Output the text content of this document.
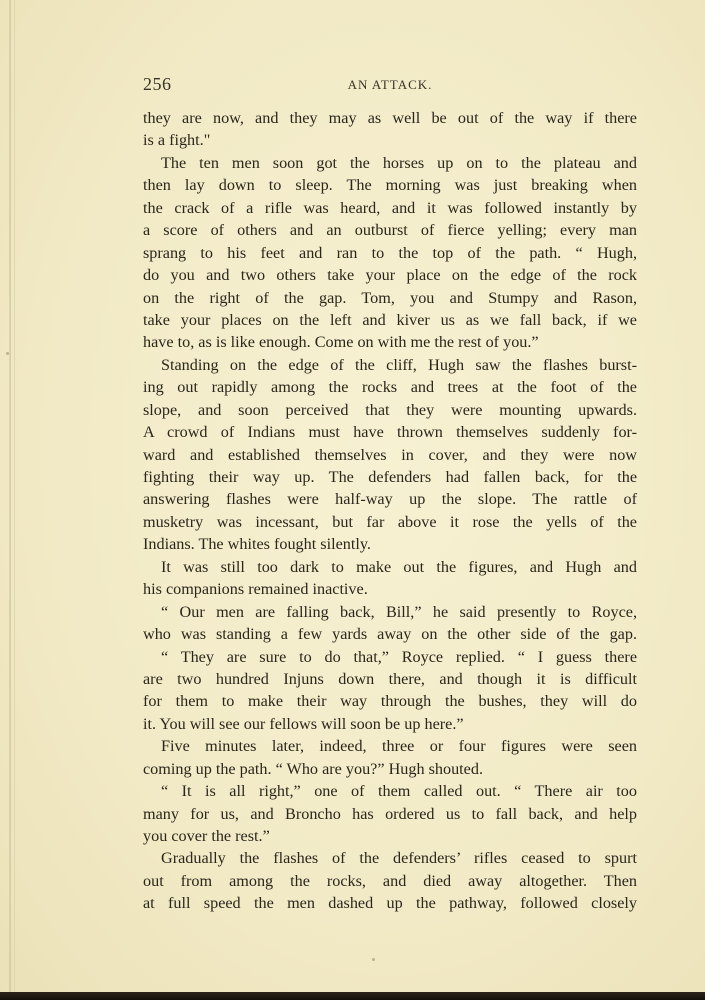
256	AN ATTACK.
they are now, and they may as well be out of the way if there
is a fight."
The ten men soon got the horses up on to the plateau and
then lay down to sleep. The morning was just breaking when
the crack of a rifle was heard, and it was followed instantly by
a score of others and an outburst of fierce yelling; every man
sprang to his feet and ran to the top of the path. “ Hugh,
do you and two others take your place on the edge of the rock
on the right of the gap. Tom, you and Stumpy and Rason,
take your places on the left and kiver us as we fall back, if we
have to, as is like enough. Come on with me the rest of you.”
Standing on the edge of the cliff, Hugh saw the flashes burst-
ing out rapidly among the rocks and trees at the foot of the
slope, and soon perceived that they were mounting upwards.
A crowd of Indians must have thrown themselves suddenly for-
ward and established themselves in cover, and they were now
fighting their way up. The defenders had fallen back, for the
answering flashes were half-way up the slope. The rattle of
musketry was incessant, but far above it rose the yells of the
Indians. The whites fought silently.
It was still too dark to make out the figures, and Hugh and
his companions remained inactive.
“ Our men are falling back, Bill,” he said presently to Royce,
who was standing a few yards away on the other side of the gap.
“ They are sure to do that,” Royce replied. “ I guess there
are two hundred Injuns down there, and though it is difficult
for them to make their way through the bushes, they will do
it. You will see our fellows will soon be up here.”
Five minutes later, indeed, three or four figures were seen
coming up the path. “ Who are you?” Hugh shouted.
“ It is all right,” one of them called out. “ There air too
many for us, and Broncho has ordered us to fall back, and help
you cover the rest.”
Gradually the flashes of the defenders’ rifles ceased to spurt
out from among the rocks, and died away altogether. Then
at full speed the men dashed up the pathway, followed closely
